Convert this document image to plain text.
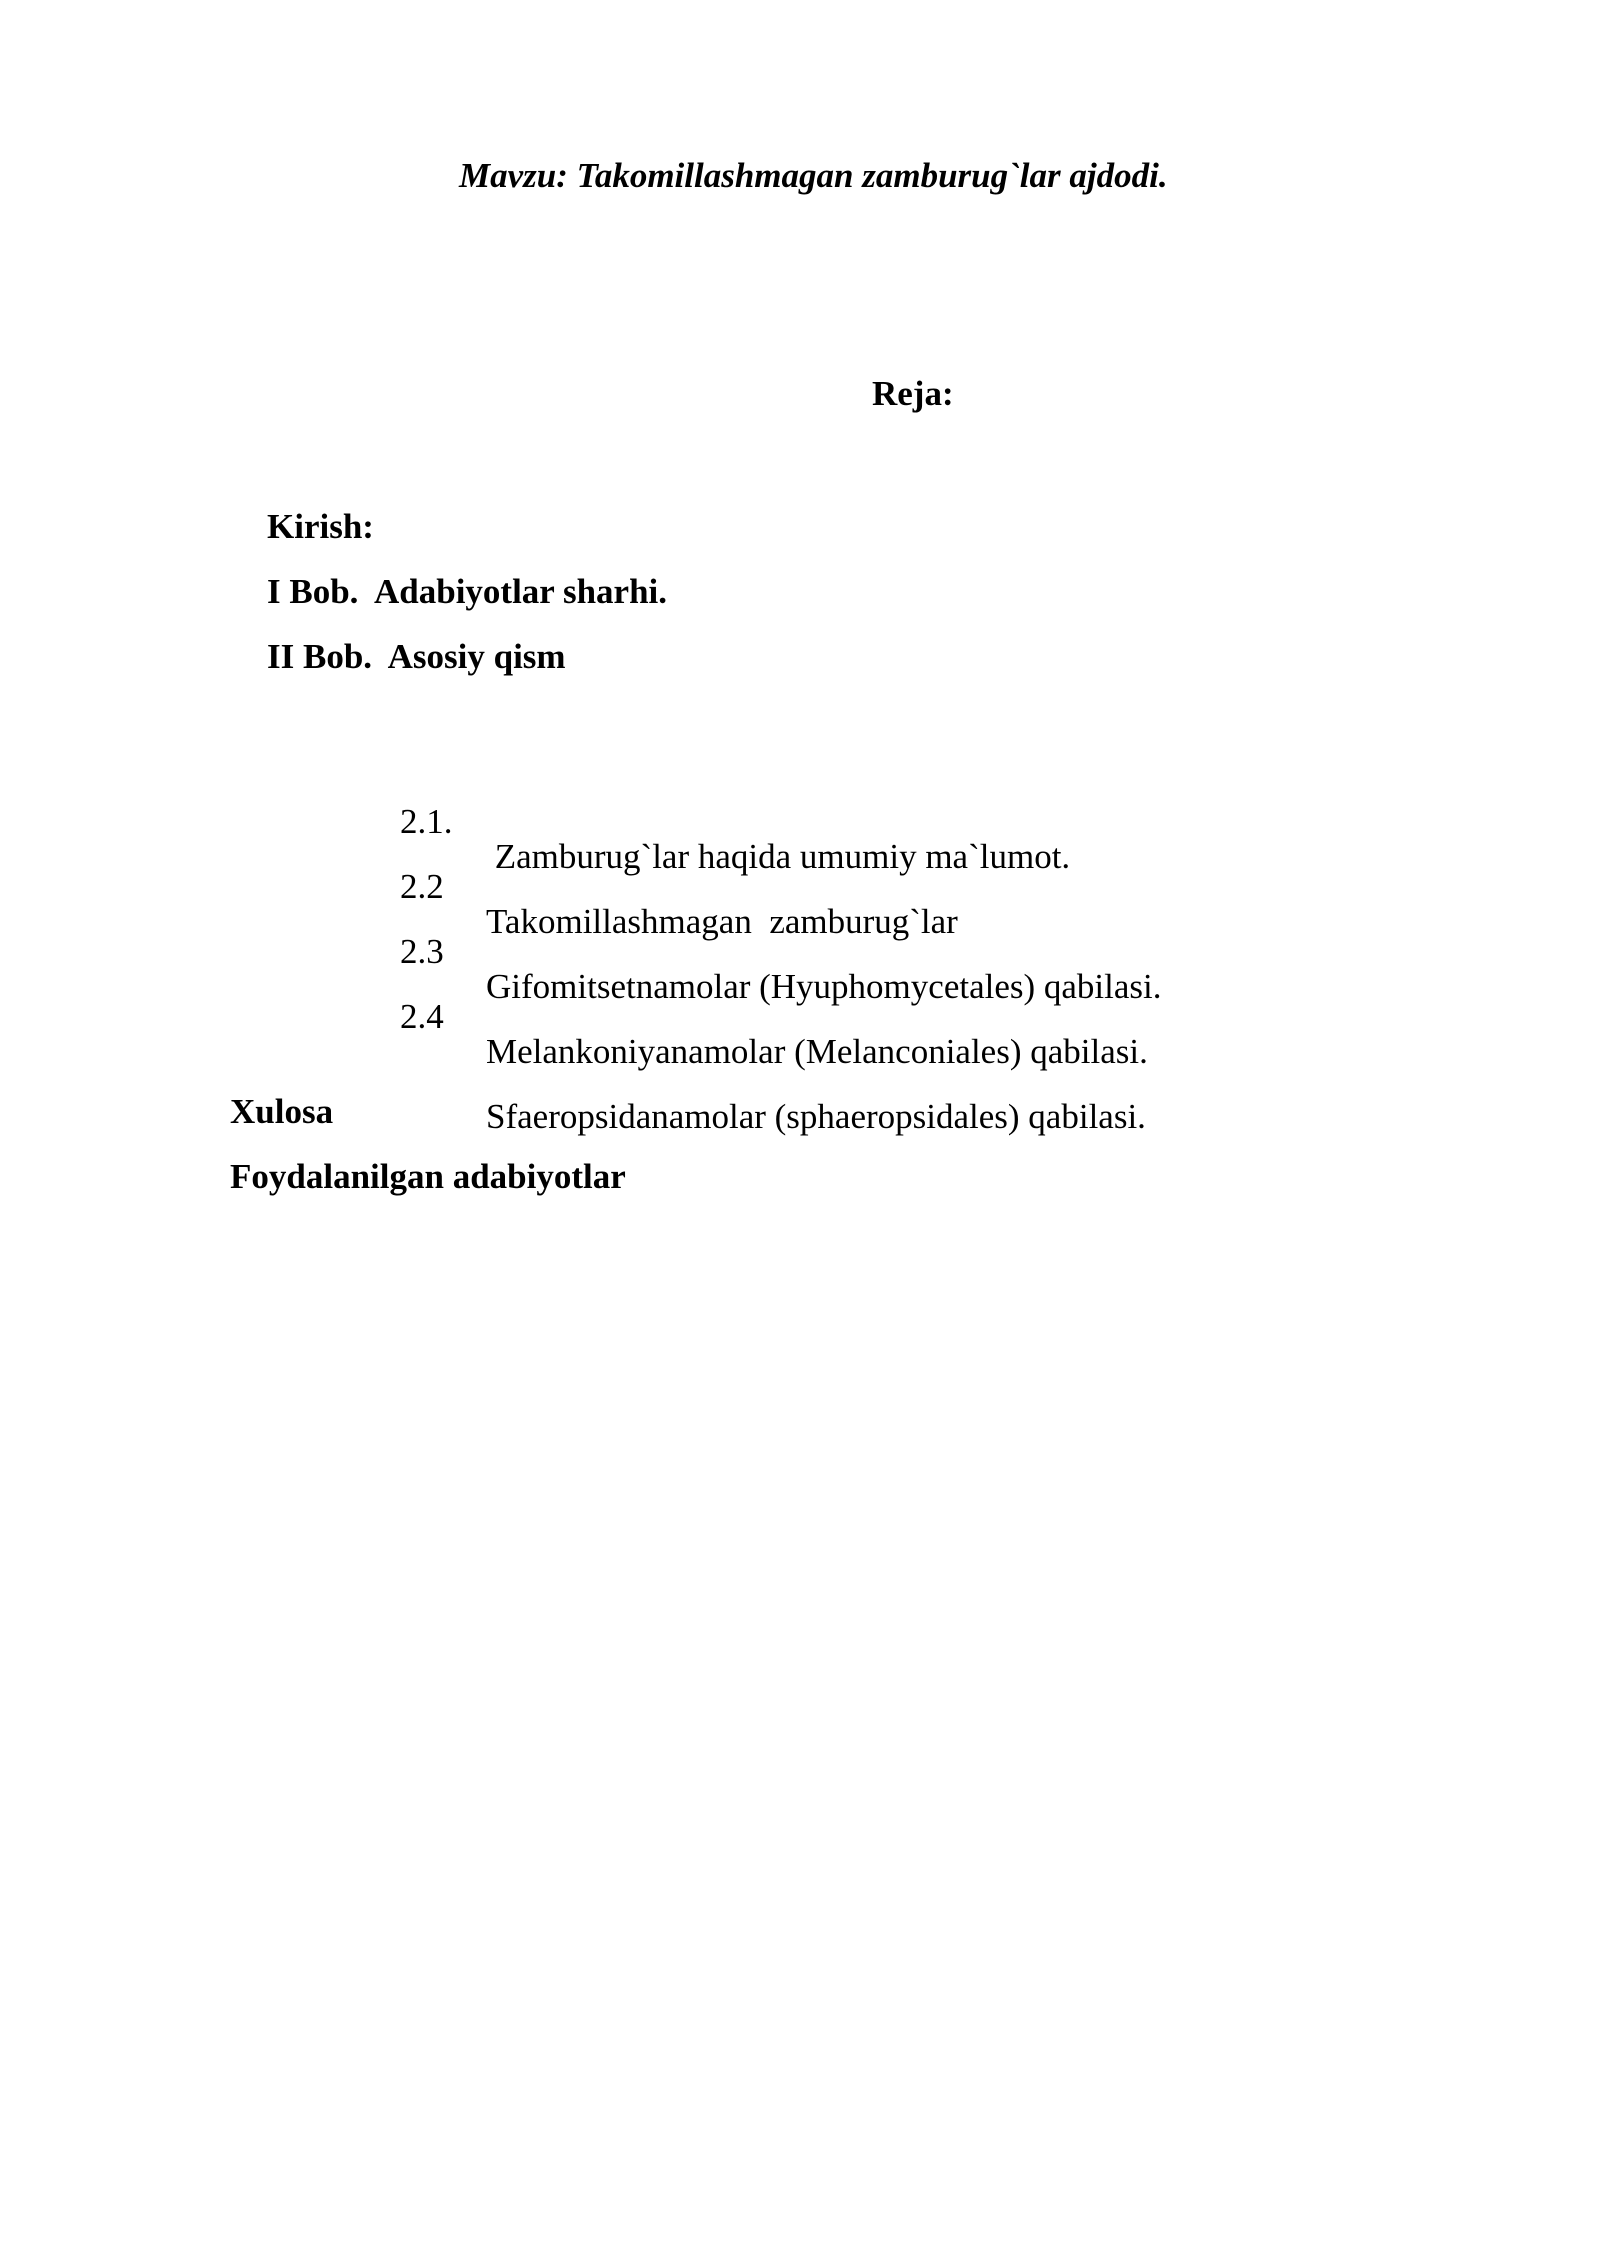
Mavzu: Takomillashmagan zamburug`lar ajdodi.
Reja:
Kirish:
I Bob.  Adabiyotlar sharhi.
II Bob.  Asosiy qism

2.1.

Zamburug`lar haqida umumiy ma`lumot.

2.2

Takomillashmagan  zamburug`lar

2.3

Gifomitsetnamolar (Hyuphomycetales) qabilasi.

2.4

Melankoniyanamolar (Melanconiales) qabilasi.

Sfaeropsidanamolar (sphaeropsidales) qabilasi.

Xulosa
Foydalanilgan adabiyotlar
